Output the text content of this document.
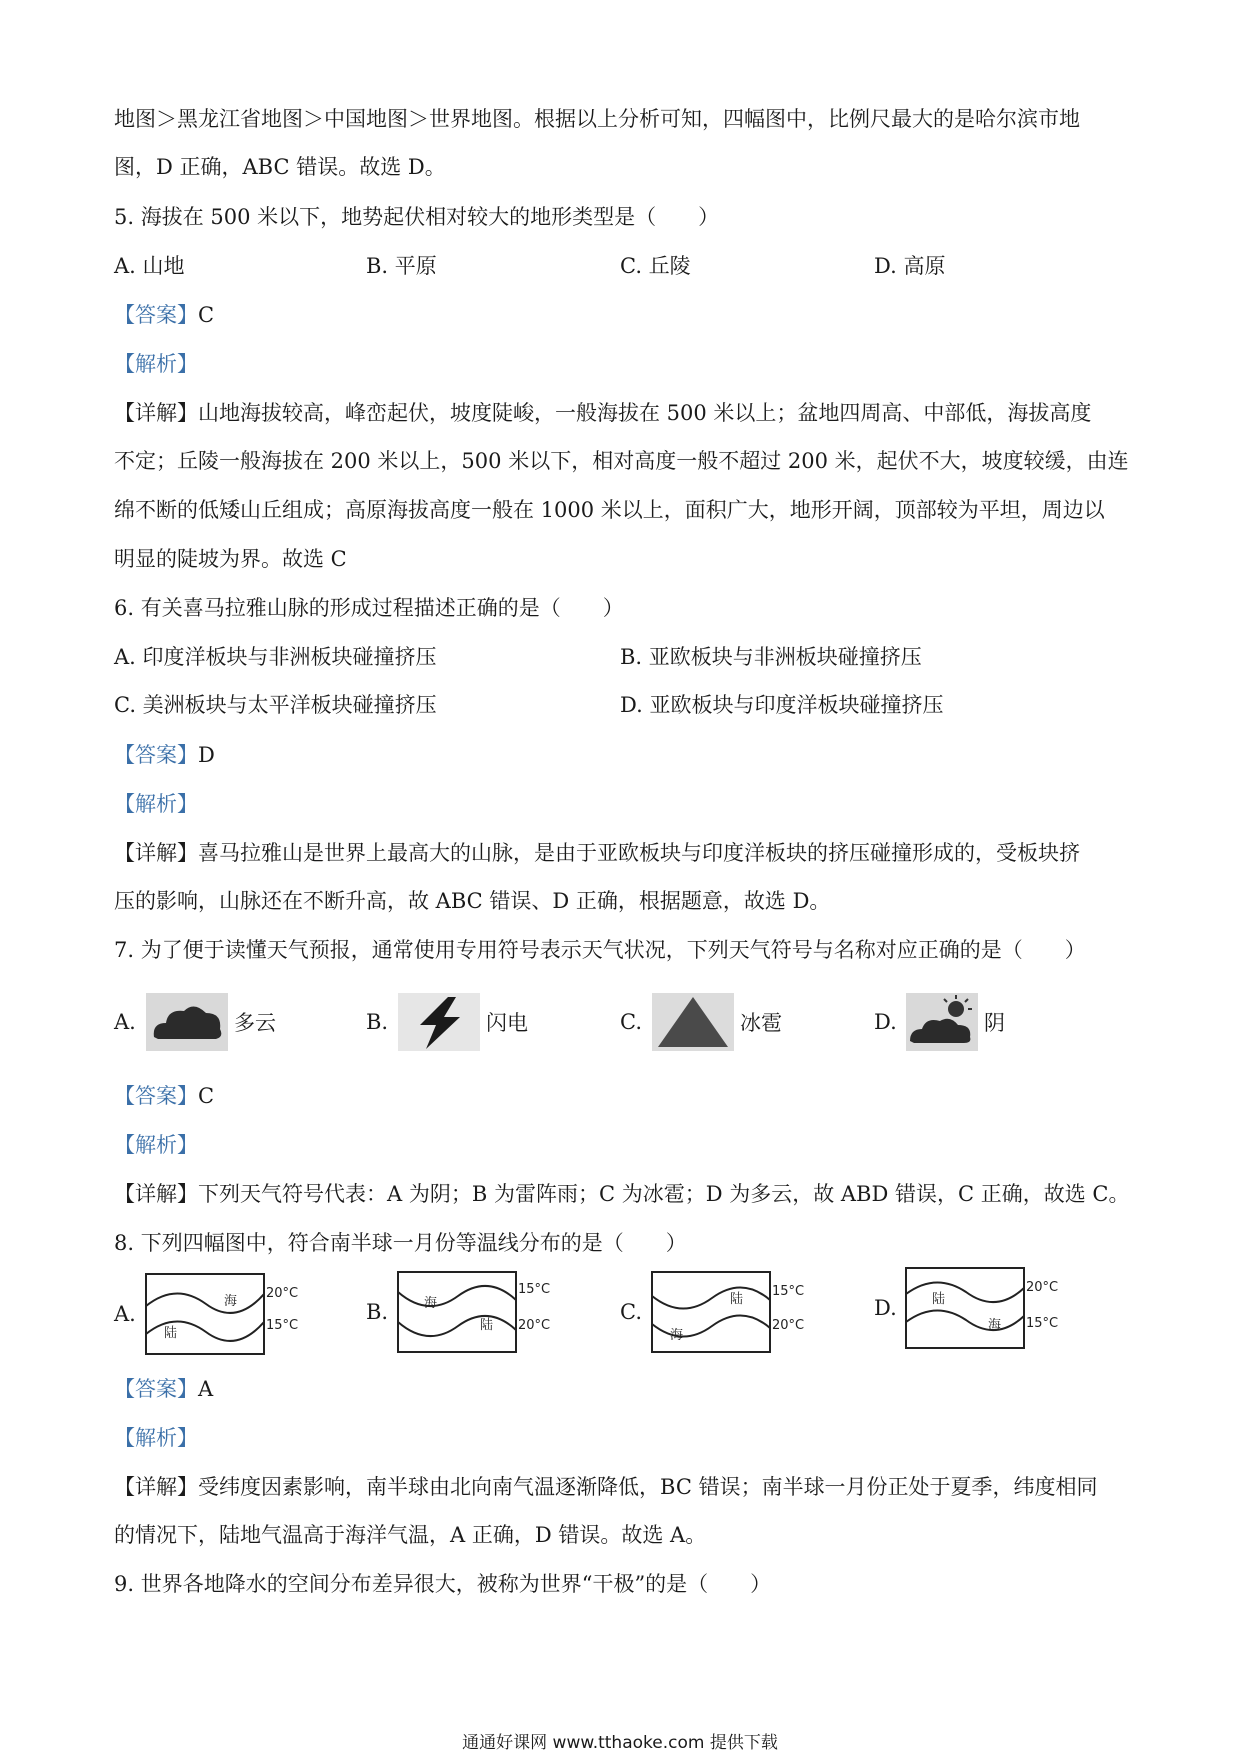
地图＞黑龙江省地图＞中国地图＞世界地图。根据以上分析可知，四幅图中，比例尺最大的是哈尔滨市地
图，D 正确，ABC 错误。故选 D。
5. 海拔在 500 米以下，地势起伏相对较大的地形类型是（　　）
A. 山地	B. 平原	C. 丘陵	D. 高原
【答案】C
【解析】
【详解】山地海拔较高，峰峦起伏，坡度陡峻，一般海拔在 500 米以上；盆地四周高、中部低，海拔高度
不定；丘陵一般海拔在 200 米以上，500 米以下，相对高度一般不超过 200 米，起伏不大，坡度较缓，由连
绵不断的低矮山丘组成；高原海拔高度一般在 1000 米以上，面积广大，地形开阔，顶部较为平坦，周边以
明显的陡坡为界。故选 C
6. 有关喜马拉雅山脉的形成过程描述正确的是（　　）
A. 印度洋板块与非洲板块碰撞挤压	B. 亚欧板块与非洲板块碰撞挤压
C. 美洲板块与太平洋板块碰撞挤压	D. 亚欧板块与印度洋板块碰撞挤压
【答案】D
【解析】
【详解】喜马拉雅山是世界上最高大的山脉，是由于亚欧板块与印度洋板块的挤压碰撞形成的，受板块挤
压的影响，山脉还在不断升高，故 ABC 错误、D 正确，根据题意，故选 D。
7. 为了便于读懂天气预报，通常使用专用符号表示天气状况，下列天气符号与名称对应正确的是（　　）
A.	多云	B.	闪电	C.	冰雹	D.	阴
【答案】C
【解析】
【详解】下列天气符号代表：A 为阴；B 为雷阵雨；C 为冰雹；D 为多云，故 ABD 错误，C 正确，故选 C。
8. 下列四幅图中，符合南半球一月份等温线分布的是（　　）
A.
海
陆
20°C
15°C
B.	海
陆
15°C
20°C
C.
陆
海
15°C
20°C
D.	陆
海
20°C
15°C
【答案】A
【解析】
【详解】受纬度因素影响，南半球由北向南气温逐渐降低，BC 错误；南半球一月份正处于夏季，纬度相同
的情况下，陆地气温高于海洋气温，A 正确，D 错误。故选 A。
9. 世界各地降水的空间分布差异很大，被称为世界“干极”的是（　　）
通通好课网 www.tthaoke.com 提供下载
